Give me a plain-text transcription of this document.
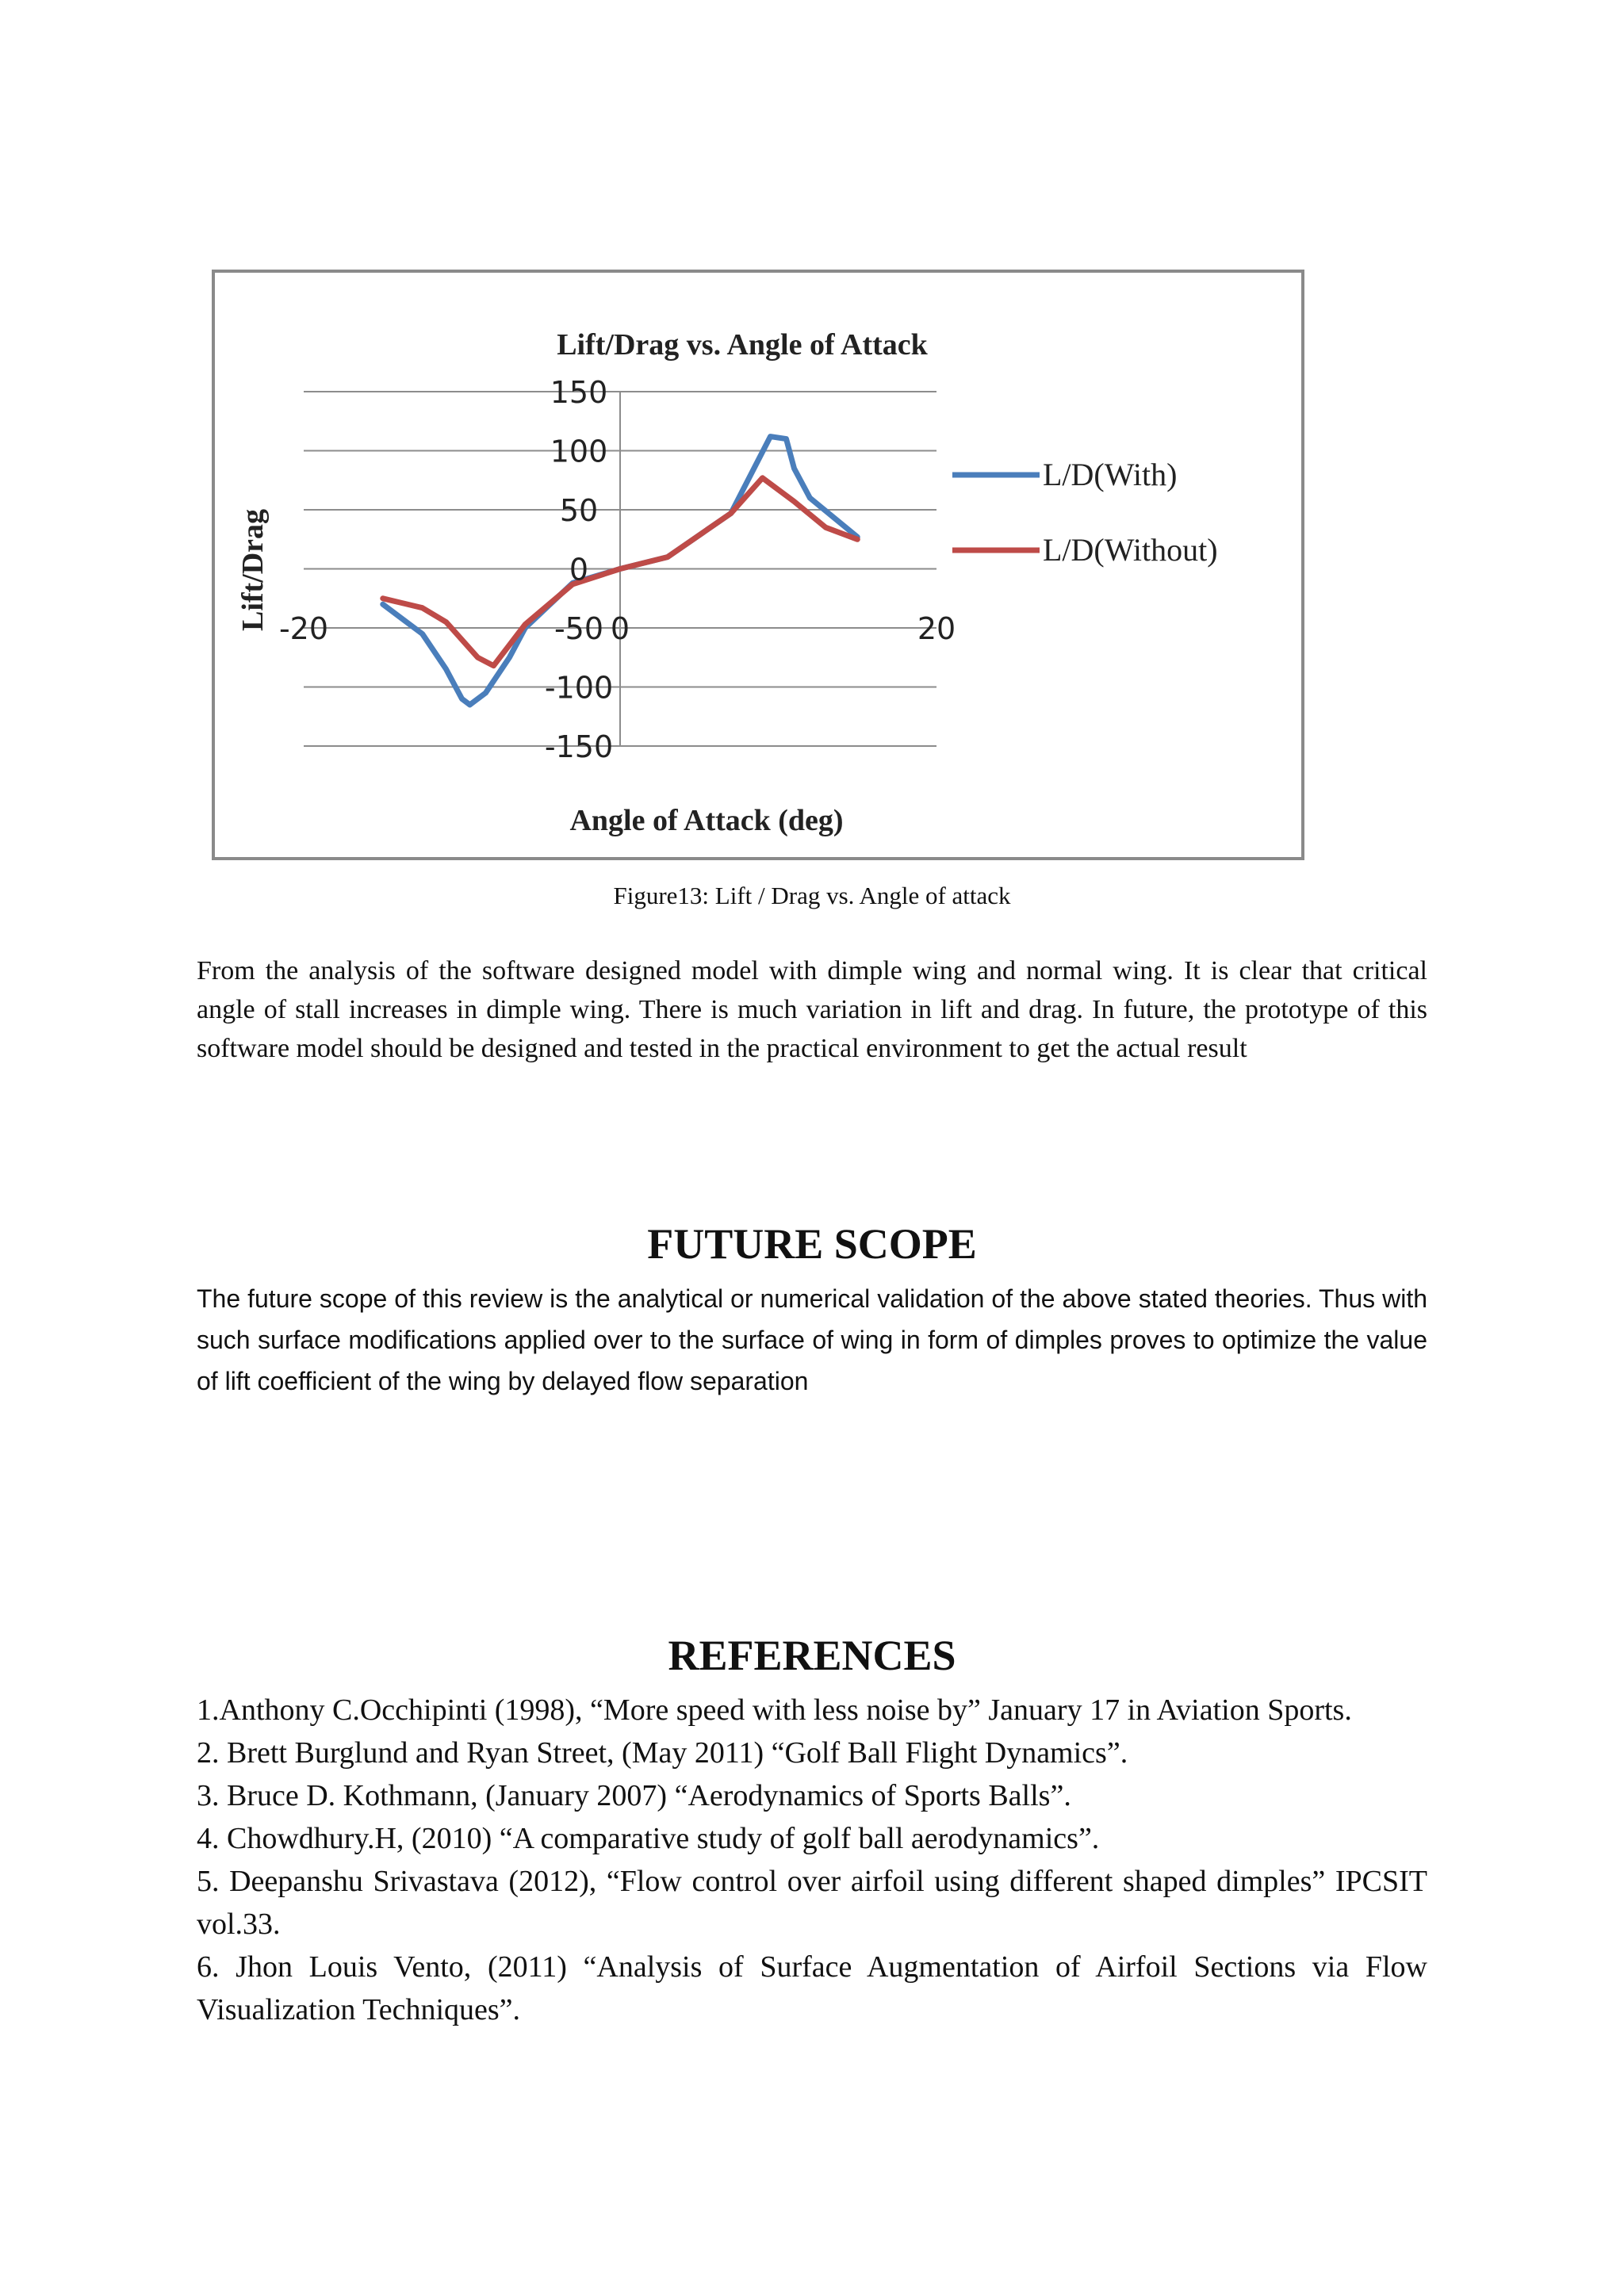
150
100
50
0
-50
-100
-150
-20	0	20
Lift/Drag vs. Angle of Attack
Angle of Attack (deg)
Lift/Drag
L/D(With)
L/D(Without)
Figure13: Lift / Drag vs. Angle of attack
From the analysis of the software designed model with dimple wing and normal wing. It is clear that critical angle of stall increases in dimple wing. There is much variation in lift and drag. In future, the prototype of this software model should be designed and tested in the practical environment to get the actual result
FUTURE SCOPE
The future scope of this review is the analytical or numerical validation of the above stated theories. Thus with such surface modifications applied over to the surface of wing in form of dimples proves to optimize the value of lift coefficient of the wing by delayed flow separation
REFERENCES
1.Anthony C.Occhipinti (1998), “More speed with less noise by” January 17 in Aviation Sports.
2. Brett Burglund and Ryan Street, (May 2011) “Golf Ball Flight Dynamics”.
3. Bruce D. Kothmann, (January 2007) “Aerodynamics of Sports Balls”.
4. Chowdhury.H, (2010) “A comparative study of golf ball aerodynamics”.
5. Deepanshu Srivastava (2012), “Flow control over airfoil using different shaped dimples” IPCSIT vol.33.
6. Jhon Louis Vento, (2011) “Analysis of Surface Augmentation of Airfoil Sections via Flow Visualization Techniques”.
